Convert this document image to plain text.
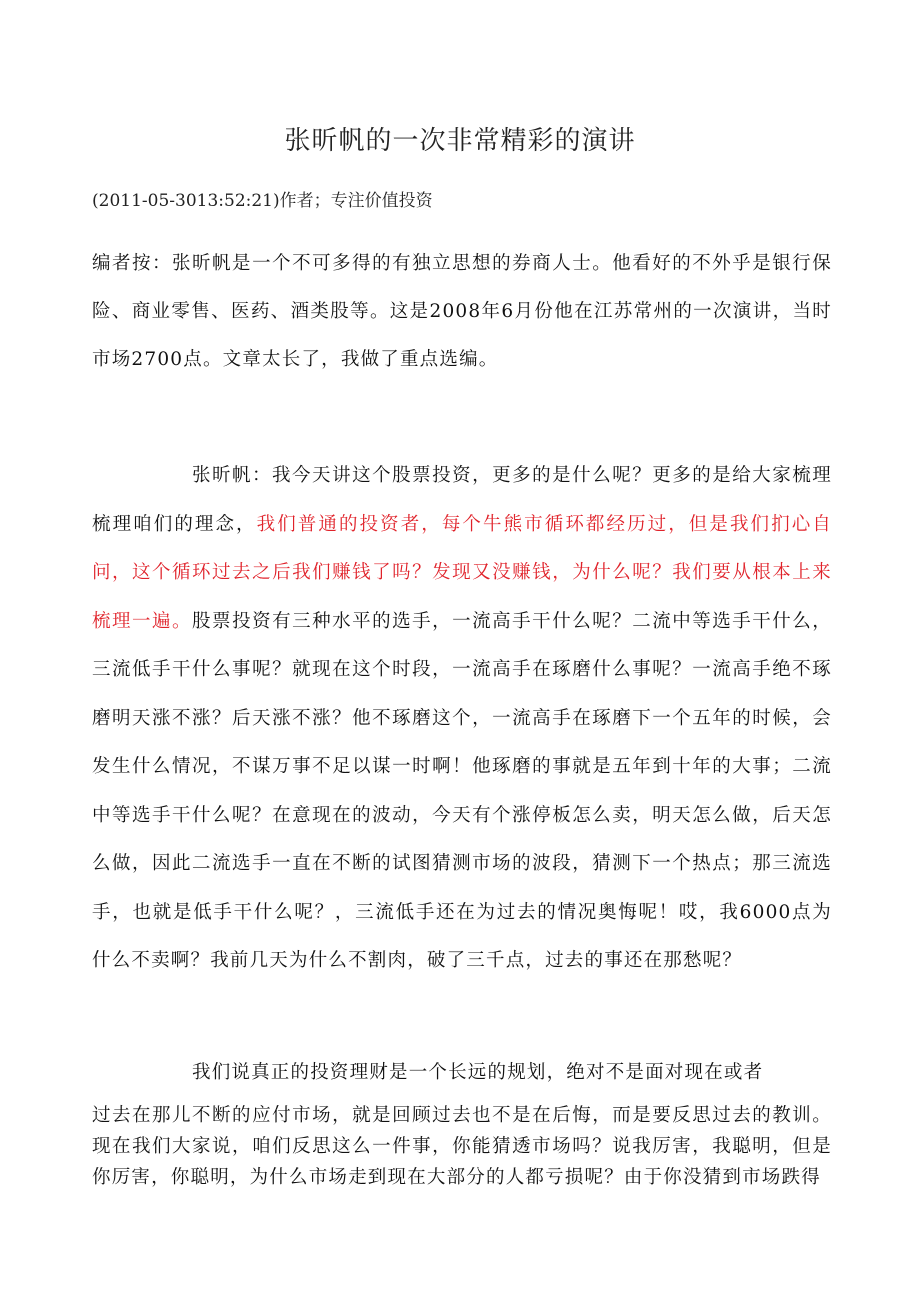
张昕帆的一次非常精彩的演讲
(2011-05-3013:52:21)作者；专注价值投资
编者按：张昕帆是一个不可多得的有独立思想的券商人士。他看好的不外乎是银行保险、商业零售、医药、酒类股等。这是2008年6月份他在江苏常州的一次演讲，当时市场2700点。文章太长了，我做了重点选编。
张昕帆：我今天讲这个股票投资，更多的是什么呢？更多的是给大家梳理梳理咱们的理念，我们普通的投资者，每个牛熊市循环都经历过，但是我们扪心自问，这个循环过去之后我们赚钱了吗？发现又没赚钱，为什么呢？我们要从根本上来梳理一遍。股票投资有三种水平的选手，一流高手干什么呢？二流中等选手干什么，三流低手干什么事呢？就现在这个时段，一流高手在琢磨什么事呢？一流高手绝不琢磨明天涨不涨？后天涨不涨？他不琢磨这个，一流高手在琢磨下一个五年的时候，会发生什么情况，不谋万事不足以谋一时啊！他琢磨的事就是五年到十年的大事；二流中等选手干什么呢？在意现在的波动，今天有个涨停板怎么卖，明天怎么做，后天怎么做，因此二流选手一直在不断的试图猜测市场的波段，猜测下一个热点；那三流选手，也就是低手干什么呢？，三流低手还在为过去的情况奥悔呢！哎，我6000点为什么不卖啊？我前几天为什么不割肉，破了三千点，过去的事还在那愁呢？
我们说真正的投资理财是一个长远的规划，绝对不是面对现在或者
过去在那儿不断的应付市场，就是回顾过去也不是在后悔，而是要反思过去的教训。现在我们大家说，咱们反思这么一件事，你能猜透市场吗？说我厉害，我聪明，但是你厉害，你聪明，为什么市场走到现在大部分的人都亏损呢？由于你没猜到市场跌得
